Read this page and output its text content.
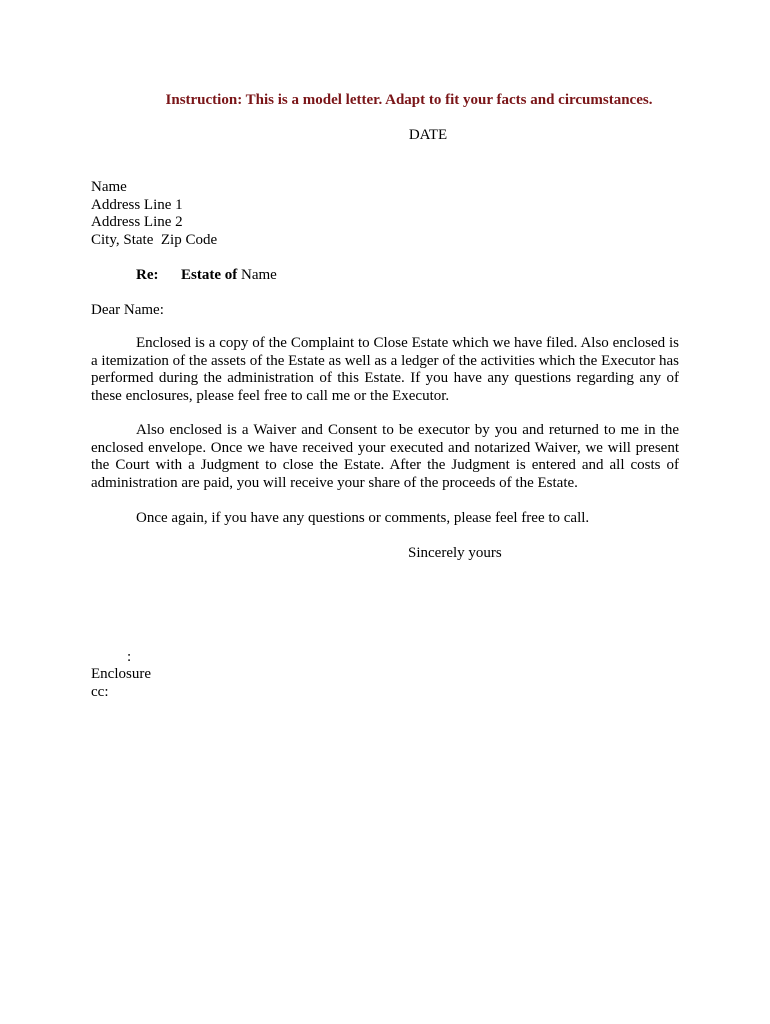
Instruction: This is a model letter. Adapt to fit your facts and circumstances.
DATE
Name
Address Line 1
Address Line 2
City, State  Zip Code
Re: Estate of Name
Dear Name:
Enclosed is a copy of the Complaint to Close Estate which we have filed. Also enclosed is a itemization of the assets of the Estate as well as a ledger of the activities which the Executor has performed during the administration of this Estate. If you have any questions regarding any of these enclosures, please feel free to call me or the Executor.
Also enclosed is a Waiver and Consent to be executor by you and returned to me in the enclosed envelope. Once we have received your executed and notarized Waiver, we will present the Court with a Judgment to close the Estate. After the Judgment is entered and all costs of administration are paid, you will receive your share of the proceeds of the Estate.
Once again, if you have any questions or comments, please feel free to call.
Sincerely yours
:
Enclosure
cc:
